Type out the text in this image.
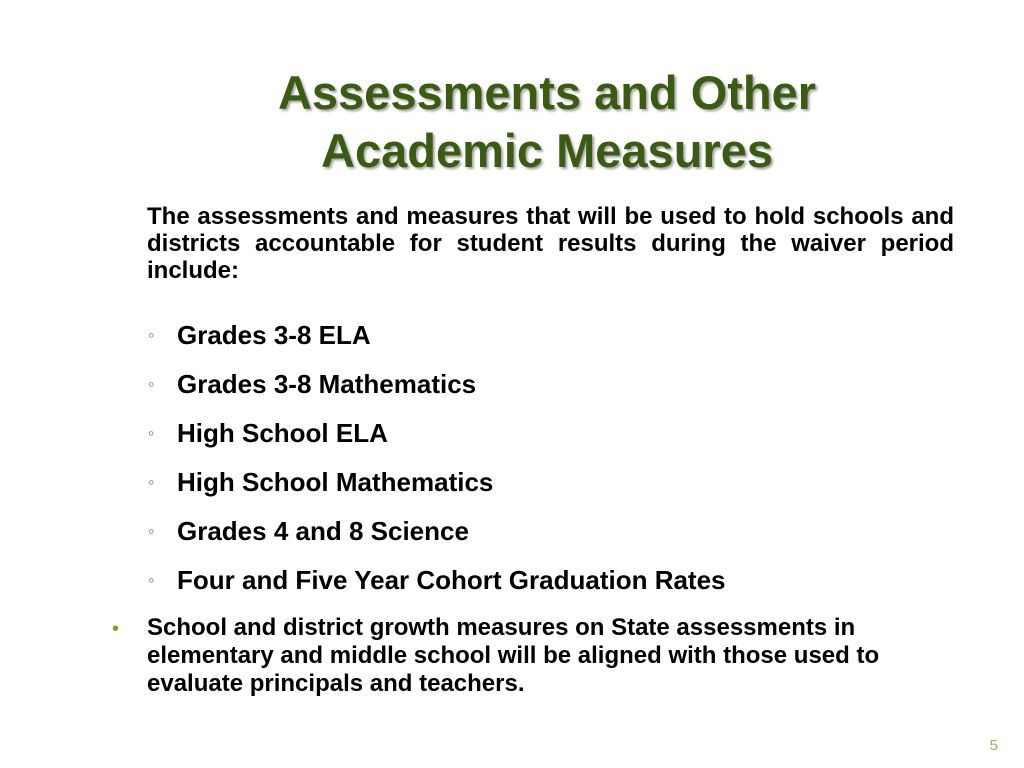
Assessments and Other
Academic Measures
The assessments and measures that will be used to hold schools and districts accountable for student results during the waiver period include:
◦ Grades 3-8 ELA
◦ Grades 3-8 Mathematics
◦ High School ELA
◦ High School Mathematics
◦ Grades 4 and 8 Science
◦ Four and Five Year Cohort Graduation Rates
• School and district growth measures on State assessments in elementary and middle school will be aligned with those used to evaluate principals and teachers.
5
